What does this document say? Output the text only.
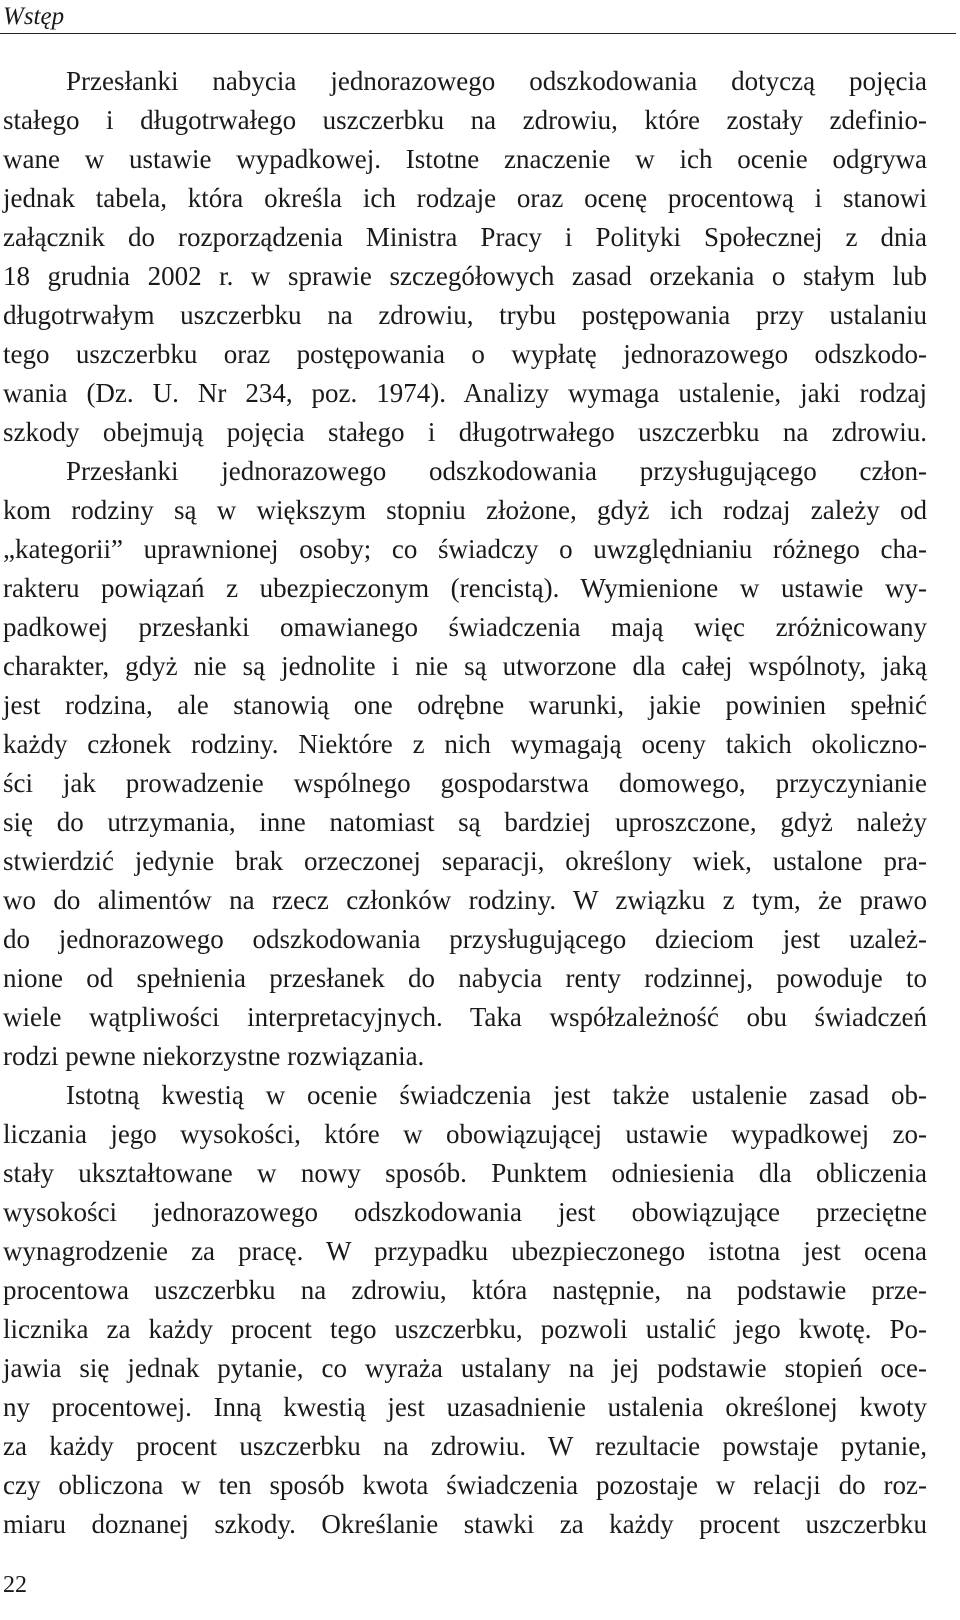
Wstęp
Przesłanki nabycia jednorazowego odszkodowania dotyczą pojęcia
stałego i długotrwałego uszczerbku na zdrowiu, które zostały zdefinio-
wane w ustawie wypadkowej. Istotne znaczenie w ich ocenie odgrywa
jednak tabela, która określa ich rodzaje oraz ocenę procentową i stanowi
załącznik do rozporządzenia Ministra Pracy i Polityki Społecznej z dnia
18 grudnia 2002 r. w sprawie szczegółowych zasad orzekania o stałym lub
długotrwałym uszczerbku na zdrowiu, trybu postępowania przy ustalaniu
tego uszczerbku oraz postępowania o wypłatę jednorazowego odszkodo-
wania (Dz. U. Nr 234, poz. 1974). Analizy wymaga ustalenie, jaki rodzaj
szkody obejmują pojęcia stałego i długotrwałego uszczerbku na zdrowiu.
Przesłanki jednorazowego odszkodowania przysługującego człon-
kom rodziny są w większym stopniu złożone, gdyż ich rodzaj zależy od
„kategorii” uprawnionej osoby; co świadczy o uwzględnianiu różnego cha-
rakteru powiązań z ubezpieczonym (rencistą). Wymienione w ustawie wy-
padkowej przesłanki omawianego świadczenia mają więc zróżnicowany
charakter, gdyż nie są jednolite i nie są utworzone dla całej wspólnoty, jaką
jest rodzina, ale stanowią one odrębne warunki, jakie powinien spełnić
każdy członek rodziny. Niektóre z nich wymagają oceny takich okoliczno-
ści jak prowadzenie wspólnego gospodarstwa domowego, przyczynianie
się do utrzymania, inne natomiast są bardziej uproszczone, gdyż należy
stwierdzić jedynie brak orzeczonej separacji, określony wiek, ustalone pra-
wo do alimentów na rzecz członków rodziny. W związku z tym, że prawo
do jednorazowego odszkodowania przysługującego dzieciom jest uzależ-
nione od spełnienia przesłanek do nabycia renty rodzinnej, powoduje to
wiele wątpliwości interpretacyjnych. Taka współzależność obu świadczeń
rodzi pewne niekorzystne rozwiązania.
Istotną kwestią w ocenie świadczenia jest także ustalenie zasad ob-
liczania jego wysokości, które w obowiązującej ustawie wypadkowej zo-
stały ukształtowane w nowy sposób. Punktem odniesienia dla obliczenia
wysokości jednorazowego odszkodowania jest obowiązujące przeciętne
wynagrodzenie za pracę. W przypadku ubezpieczonego istotna jest ocena
procentowa uszczerbku na zdrowiu, która następnie, na podstawie prze-
licznika za każdy procent tego uszczerbku, pozwoli ustalić jego kwotę. Po-
jawia się jednak pytanie, co wyraża ustalany na jej podstawie stopień oce-
ny procentowej. Inną kwestią jest uzasadnienie ustalenia określonej kwoty
za każdy procent uszczerbku na zdrowiu. W rezultacie powstaje pytanie,
czy obliczona w ten sposób kwota świadczenia pozostaje w relacji do roz-
miaru doznanej szkody. Określanie stawki za każdy procent uszczerbku
22
